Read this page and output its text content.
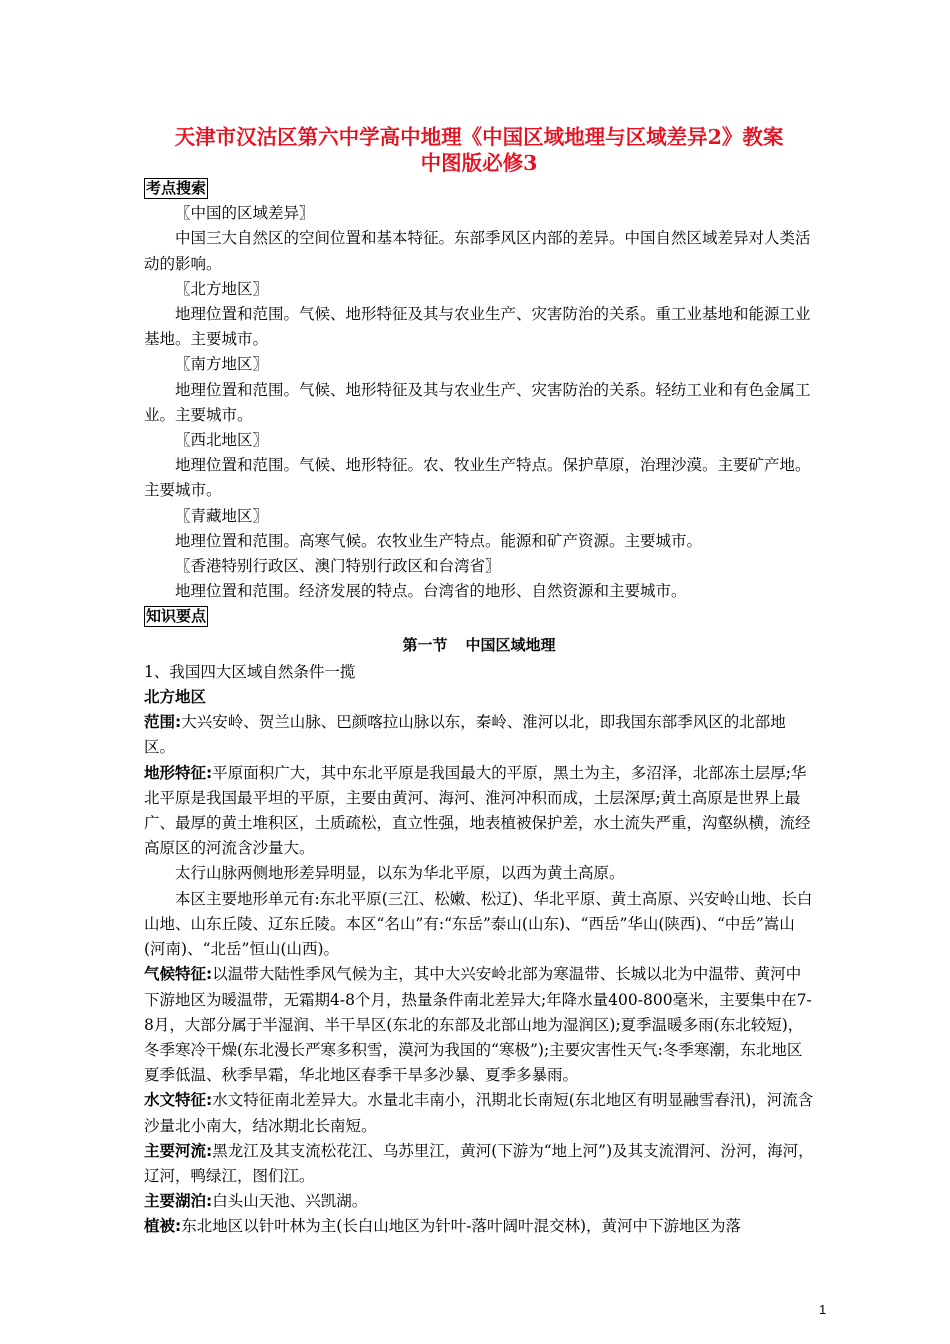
天津市汉沽区第六中学高中地理《中国区域地理与区域差异2》教案

中图版必修3

考点搜索

〖中国的区域差异〗

中国三大自然区的空间位置和基本特征。东部季风区内部的差异。中国自然区域差异对人类活动的影响。

〖北方地区〗

地理位置和范围。气候、地形特征及其与农业生产、灾害防治的关系。重工业基地和能源工业基地。主要城市。

〖南方地区〗

地理位置和范围。气候、地形特征及其与农业生产、灾害防治的关系。轻纺工业和有色金属工业。主要城市。

〖西北地区〗

地理位置和范围。气候、地形特征。农、牧业生产特点。保护草原，治理沙漠。主要矿产地。主要城市。

〖青藏地区〗

地理位置和范围。高寒气候。农牧业生产特点。能源和矿产资源。主要城市。

〖香港特别行政区、澳门特别行政区和台湾省〗

地理位置和范围。经济发展的特点。台湾省的地形、自然资源和主要城市。

知识要点

第一节 中国区域地理

1、我国四大区域自然条件一揽

北方地区

范围:大兴安岭、贺兰山脉、巴颜喀拉山脉以东，秦岭、淮河以北，即我国东部季风区的北部地区。

地形特征:平原面积广大，其中东北平原是我国最大的平原，黑土为主，多沼泽，北部冻土层厚;华北平原是我国最平坦的平原，主要由黄河、海河、淮河冲积而成，土层深厚;黄土高原是世界上最广、最厚的黄土堆积区，土质疏松，直立性强，地表植被保护差，水土流失严重，沟壑纵横，流经高原区的河流含沙量大。

太行山脉两侧地形差异明显，以东为华北平原，以西为黄土高原。

本区主要地形单元有:东北平原(三江、松嫩、松辽)、华北平原、黄土高原、兴安岭山地、长白山地、山东丘陵、辽东丘陵。本区“名山”有:“东岳”泰山(山东)、“西岳”华山(陕西)、“中岳”嵩山(河南)、“北岳”恒山(山西)。

气候特征:以温带大陆性季风气候为主，其中大兴安岭北部为寒温带、长城以北为中温带、黄河中下游地区为暖温带，无霜期4-8个月，热量条件南北差异大;年降水量400-800毫米，主要集中在7-8月，大部分属于半湿润、半干旱区(东北的东部及北部山地为湿润区);夏季温暖多雨(东北较短)，冬季寒冷干燥(东北漫长严寒多积雪，漠河为我国的“寒极”);主要灾害性天气:冬季寒潮，东北地区夏季低温、秋季旱霜，华北地区春季干旱多沙暴、夏季多暴雨。

水文特征:水文特征南北差异大。水量北丰南小，汛期北长南短(东北地区有明显融雪春汛)，河流含沙量北小南大，结冰期北长南短。

主要河流:黑龙江及其支流松花江、乌苏里江，黄河(下游为“地上河”)及其支流渭河、汾河，海河，辽河，鸭绿江，图们江。

主要湖泊:白头山天池、兴凯湖。

植被:东北地区以针叶林为主(长白山地区为针叶-落叶阔叶混交林)，黄河中下游地区为落

1
